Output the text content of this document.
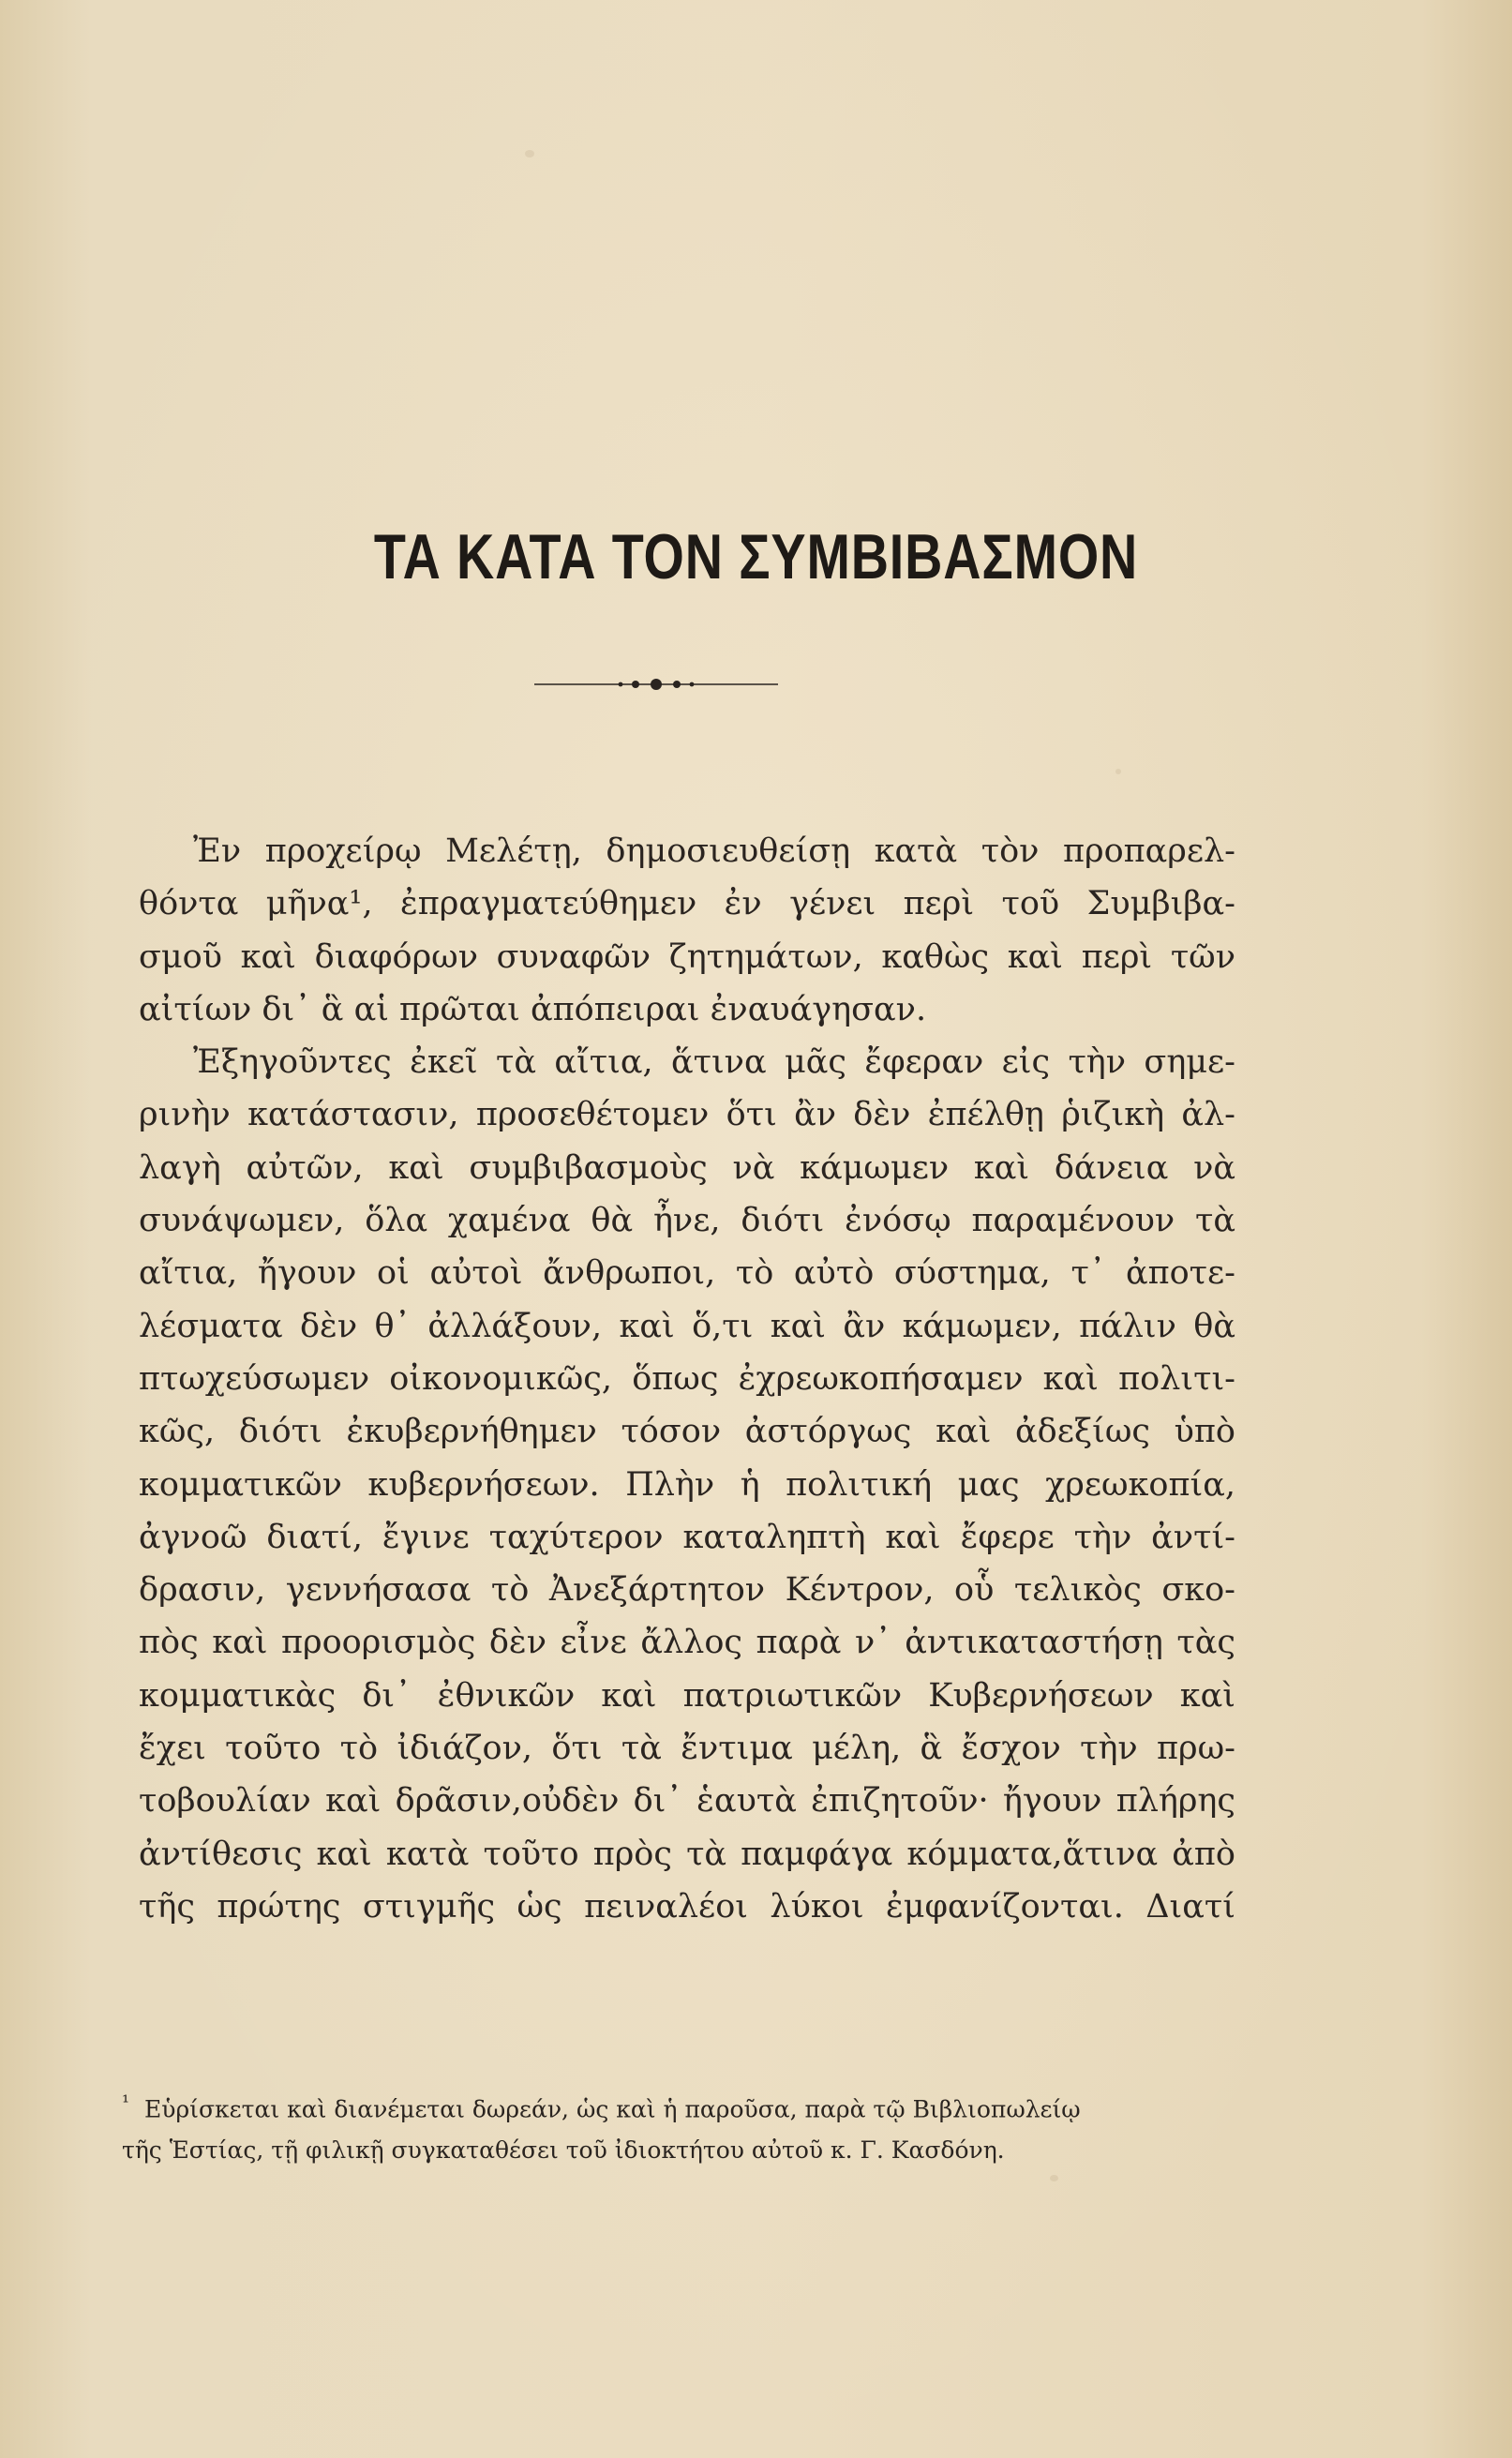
ΤΑ ΚΑΤΑ ΤΟΝ ΣΥΜΒΙΒΑΣΜΟΝ
Ἐν προχείρῳ Μελέτῃ, δημοσιευθείσῃ κατὰ τὸν προπαρελ-
θόντα μῆνα¹, ἐπραγματεύθημεν ἐν γένει περὶ τοῦ Συμβιβα-
σμοῦ καὶ διαφόρων συναφῶν ζητημάτων, καθὼς καὶ περὶ τῶν
αἰτίων δι᾽ ἃ αἱ πρῶται ἀπόπειραι ἐναυάγησαν.
Ἐξηγοῦντες ἐκεῖ τὰ αἴτια, ἅτινα μᾶς ἔφεραν εἰς τὴν σημε-
ρινὴν κατάστασιν, προσεθέτομεν ὅτι ἂν δὲν ἐπέλθῃ ῥιζικὴ ἀλ-
λαγὴ αὐτῶν, καὶ συμβιβασμοὺς νὰ κάμωμεν καὶ δάνεια νὰ
συνάψωμεν, ὅλα χαμένα θὰ ἦνε, διότι ἐνόσῳ παραμένουν τὰ
αἴτια, ἤγουν οἱ αὐτοὶ ἄνθρωποι, τὸ αὐτὸ σύστημα, τ᾽ ἀποτε-
λέσματα δὲν θ᾽ ἀλλάξουν, καὶ ὅ,τι καὶ ἂν κάμωμεν, πάλιν θὰ
πτωχεύσωμεν οἰκονομικῶς, ὅπως ἐχρεωκοπήσαμεν καὶ πολιτι-
κῶς, διότι ἐκυβερνήθημεν τόσον ἀστόργως καὶ ἀδεξίως ὑπὸ
κομματικῶν κυβερνήσεων. Πλὴν ἡ πολιτική μας χρεωκοπία,
ἀγνοῶ διατί, ἔγινε ταχύτερον καταληπτὴ καὶ ἔφερε τὴν ἀντί-
δρασιν, γεννήσασα τὸ Ἀνεξάρτητον Κέντρον, οὗ τελικὸς σκο-
πὸς καὶ προορισμὸς δὲν εἶνε ἄλλος παρὰ ν᾽ ἀντικαταστήσῃ τὰς
κομματικὰς δι᾽ ἐθνικῶν καὶ πατριωτικῶν Κυβερνήσεων καὶ
ἔχει τοῦτο τὸ ἰδιάζον, ὅτι τὰ ἔντιμα μέλη, ἃ ἔσχον τὴν πρω-
τοβουλίαν καὶ δρᾶσιν,οὐδὲν δι᾽ ἑαυτὰ ἐπιζητοῦν· ἤγουν πλήρης
ἀντίθεσις καὶ κατὰ τοῦτο πρὸς τὰ παμφάγα κόμματα,ἅτινα ἀπὸ
τῆς πρώτης στιγμῆς ὡς πειναλέοι λύκοι ἐμφανίζονται. Διατί
$^{^1}$ Εὑρίσκεται καὶ διανέμεται δωρεάν, ὡς καὶ ἡ παροῦσα, παρὰ τῷ Βιβλιοπωλείῳ
τῆς Ἑστίας, τῇ φιλικῇ συγκαταθέσει τοῦ ἰδιοκτήτου αὐτοῦ κ. Γ. Κασδόνη.
